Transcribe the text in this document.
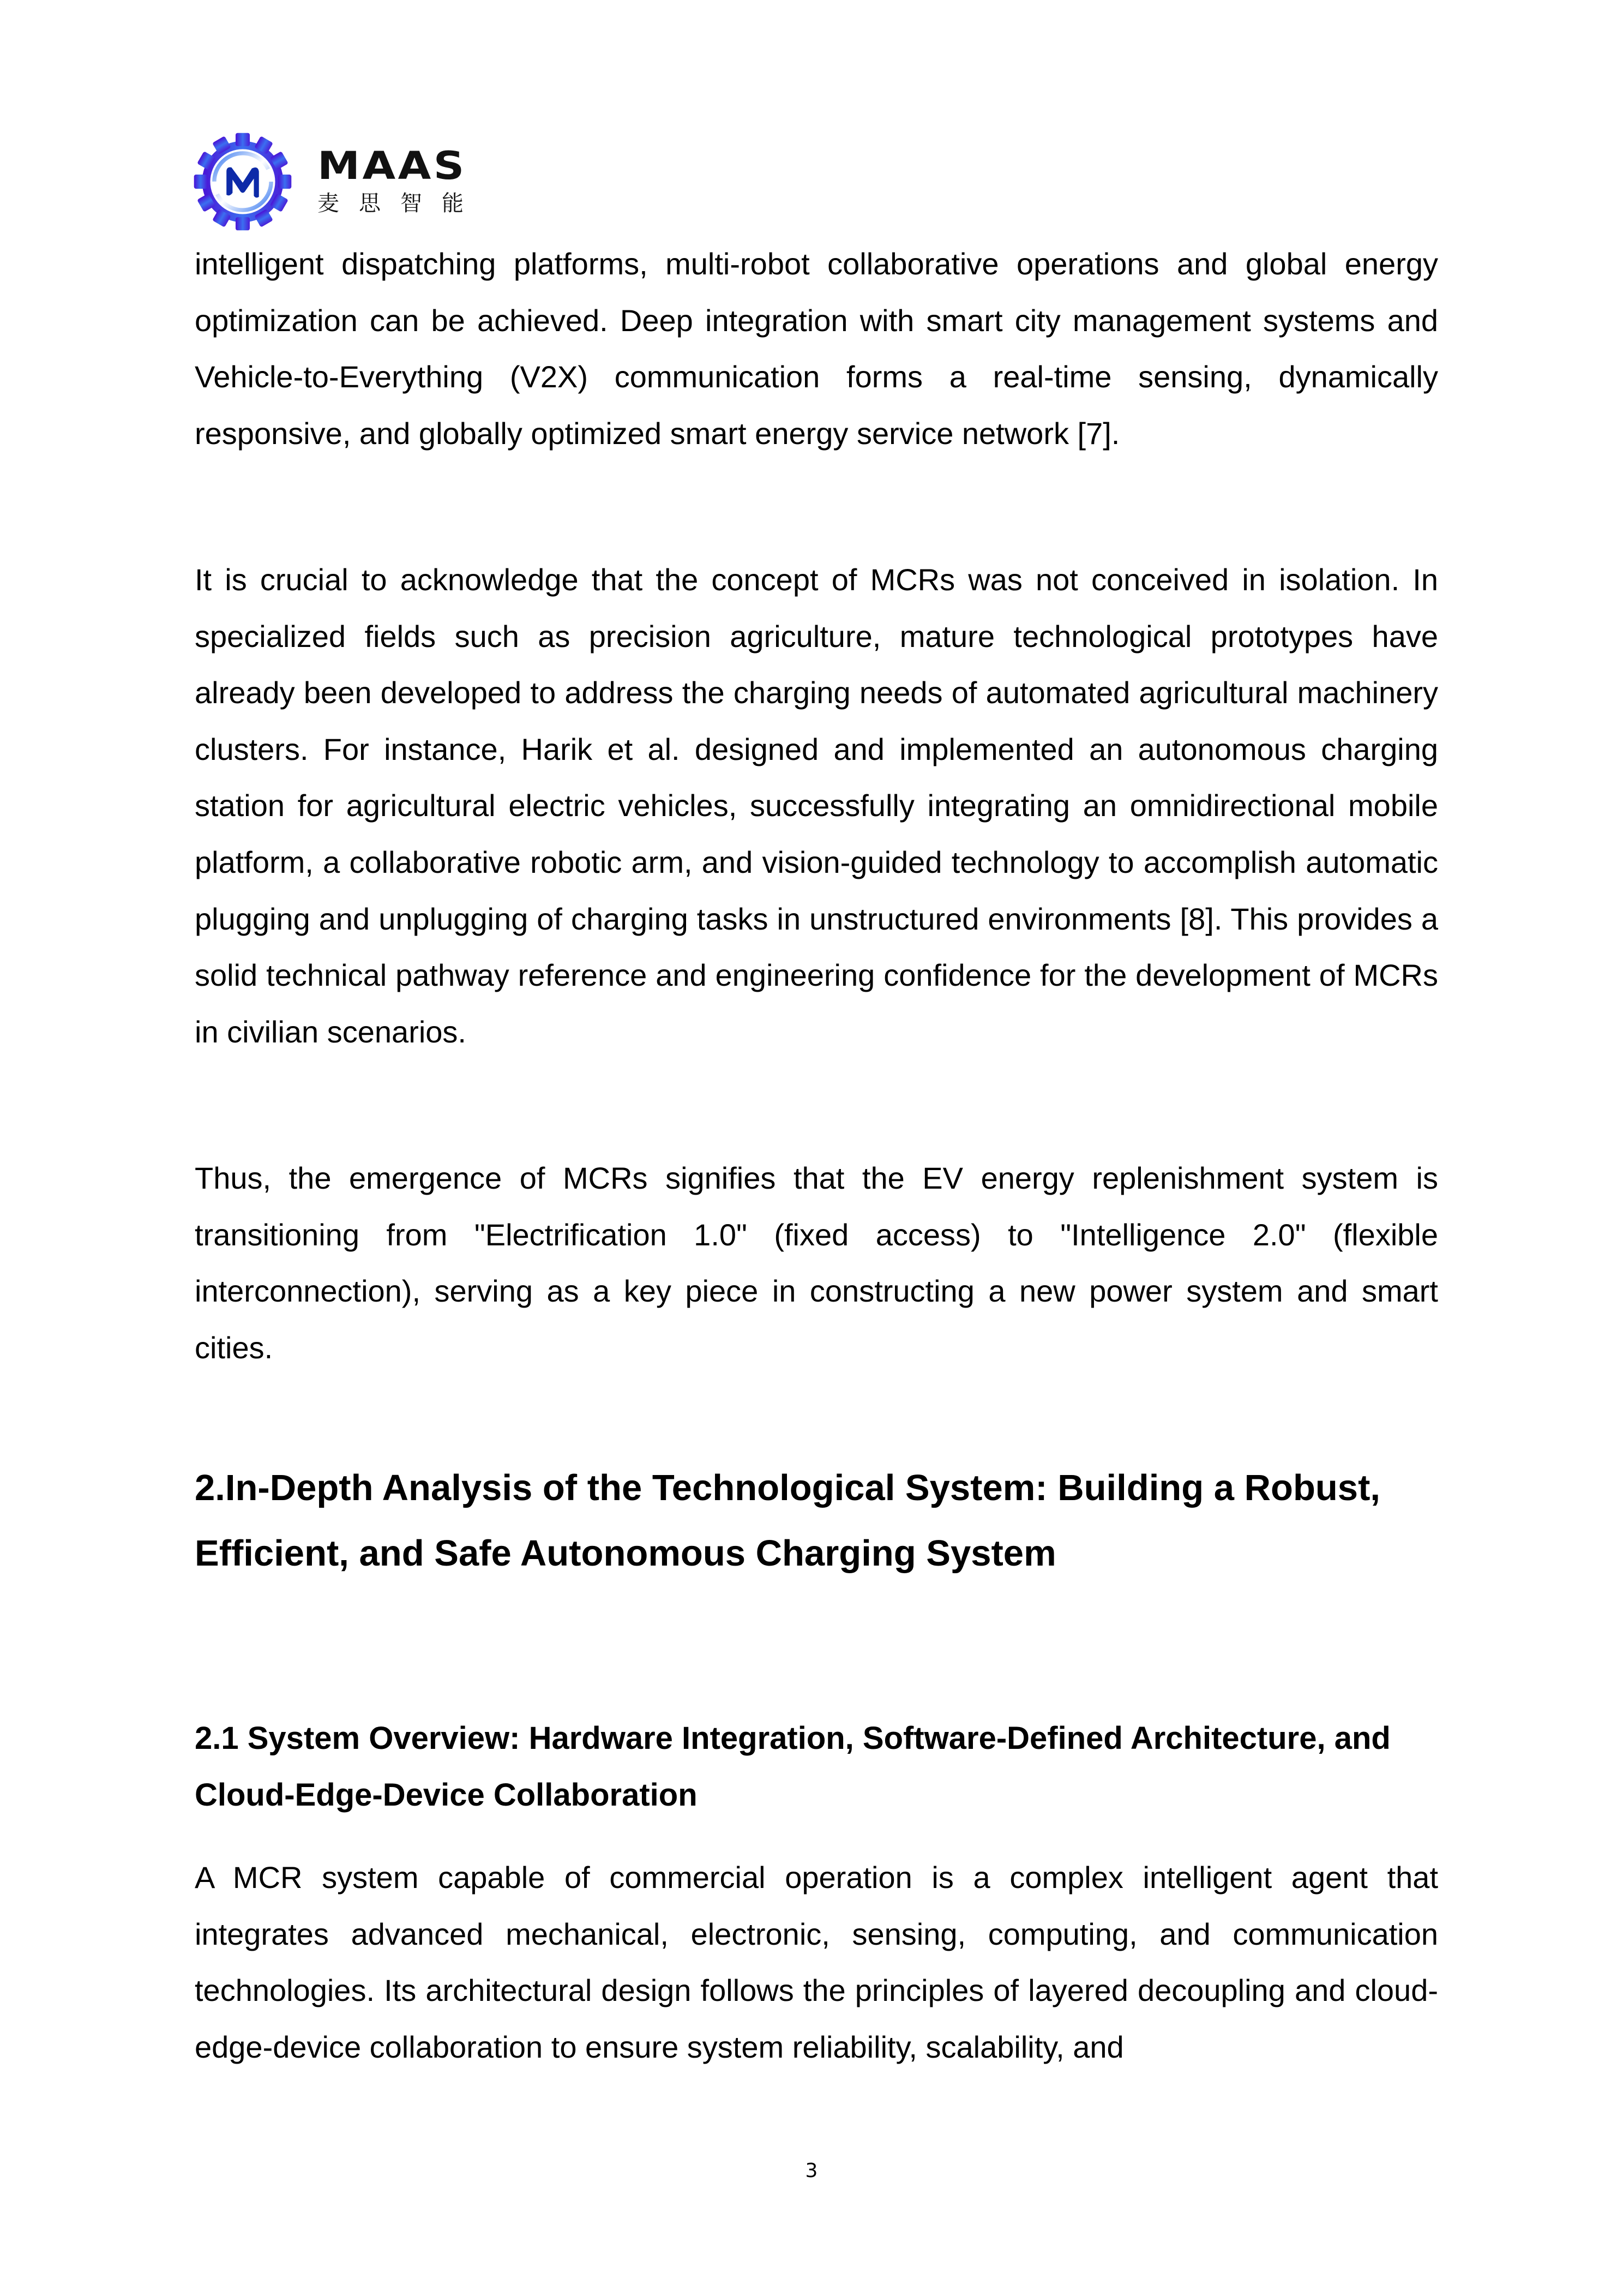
MAAS
麦思智能

intelligent dispatching platforms, multi-robot collaborative operations and global energy optimization can be achieved. Deep integration with smart city management systems and Vehicle-to-Everything (V2X) communication forms a real-time sensing, dynamically responsive, and globally optimized smart energy service network [7].

It is crucial to acknowledge that the concept of MCRs was not conceived in isolation. In specialized fields such as precision agriculture, mature technological prototypes have already been developed to address the charging needs of automated agricultural machinery clusters. For instance, Harik et al. designed and implemented an autonomous charging station for agricultural electric vehicles, successfully integrating an omnidirectional mobile platform, a collaborative robotic arm, and vision-guided technology to accomplish automatic plugging and unplugging of charging tasks in unstructured environments [8]. This provides a solid technical pathway reference and engineering confidence for the development of MCRs in civilian scenarios.

Thus, the emergence of MCRs signifies that the EV energy replenishment system is transitioning from "Electrification 1.0" (fixed access) to "Intelligence 2.0" (flexible interconnection), serving as a key piece in constructing a new power system and smart cities.

2.In-Depth Analysis of the Technological System: Building a Robust, Efficient, and Safe Autonomous Charging System
2.1 System Overview: Hardware Integration, Software-Defined Architecture, and Cloud-Edge-Device Collaboration

A MCR system capable of commercial operation is a complex intelligent agent that integrates advanced mechanical, electronic, sensing, computing, and communication technologies. Its architectural design follows the principles of layered decoupling and cloud-edge-device collaboration to ensure system reliability, scalability, and

3
